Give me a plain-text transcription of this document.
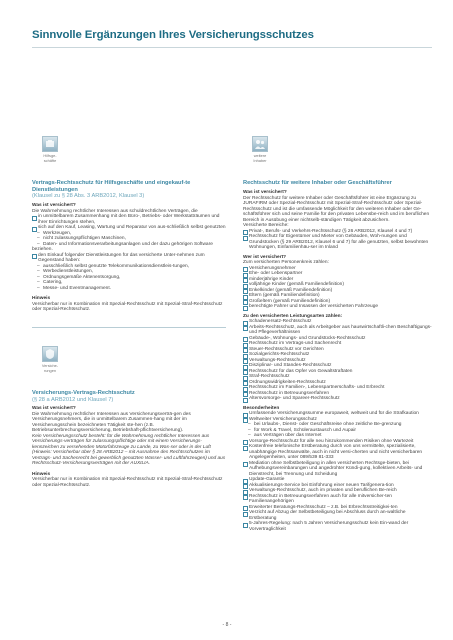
Sinnvolle Ergänzungen Ihres Versicherungsschutzes
Hilfsge-
schäfte
Vertrags-Rechtsschutz für Hilfsgeschäfte und eingekauf-te Dienstleistungen
(Klausel zu § 28 Abs. 3 ARB2012, Klausel 3)
Was ist versichert?

Die Wahrnehmung rechtlicher Interessen aus schuldrechtlichen Verträgen, die

in unmittelbarem Zusammenhang mit den Büro-, Betriebs- oder Werkstatträumen und ihrer Einrichtungen stehen,
sich auf den Kauf, Leasing, Wartung und Reparatur von aus-schließlich selbst genutzten
– Werkzeugen,
– nicht zulassungspflichtigen Maschinen,
– Daten- und Informationsverarbeitungsanlagen und der dazu gehörigen Software

beziehen.

den Einkauf folgender Dienstleistungen für das versicherte Unter-nehmen zum Gegenstand haben:
– ausschließlich selbst genutzte Telekommunikationsdienstleis-tungen,
– Werbedienstleistungen,
– Ordnungsgemäße Aktenentsorgung,
– Catering,
– Messe- und Eventmanagement.
Hinweis

Versicherbar nur in Kombination mit Spezial-Rechtsschutz mit Spezial-Straf-Rechtsschutz oder Spezial-Rechtsschutz.

Versiche-
rungen
Versicherungs-Vertrags-Rechtsschutz
(§ 28 a ARB2012 und Klausel 7)
Was ist versichert?

Die Wahrnehmung rechtlicher Interessen aus Versicherungsverträ-gen des Versicherungsnehmers, die in unmittelbarem Zusammen-hang mit der im Versicherungsschein bezeichneten Tätigkeit ste-hen (z.B. Betriebsunterbrechungsversicherung, Betriebshaft-pflichtversicherung).

Kein Versicherungsschutz besteht: für die Wahrnehmung rechtlicher Interessen aus Versicherungs-verträgen für zulassungspflichtige oder mit einem Versicherungs-kennzeichen zu versehenden Motorfahrzeuge zu Lande, zu Was-ser oder in der Luft (Hinweis: Versicherbar über § 28 ARB2012 – mit Ausnahme des Rechtsschutzes im Vertrags- und Sachenrecht bei gewerblich genutzten Wasser- und Luftfahrzeugen) und aus Rechtsschutz-Versicherungsverträgen mit der AUXILIA.

Hinweis

Versicherbar nur in Kombination mit Spezial-Rechtsschutz mit Spezial-Straf-Rechtsschutz oder Spezial-Rechtsschutz.

weitere
Inhaber
Rechtsschutz für weitere Inhaber oder Geschäftsführer
Was ist versichert?

Der Rechtsschutz für weitere Inhaber oder Geschäftsführer ist eine Ergänzung zu JURAFIRM oder Spezial-Rechtsschutz mit Spezial-Straf-Rechtsschutz oder Spezial-Rechtsschutz und ist die umfassende Möglichkeit für den weiteren Inhaber oder Ge-schäftsführer sich und seine Familie für den privaten Lebensbe-reich und im beruflichen Bereich in Ausübung einer nichtselb-ständigen Tätigkeit abzusichern.

Versicherte Bereiche:

Privat-, Berufs- und Verkehrs-Rechtsschutz (§ 26 ARB2012, Klausel 4 und 7)
Rechtsschutz für Eigentümer und Mieter von Gebäuden, Woh-nungen und Grundstücken (§ 29 ARB2012, Klausel 6 und 7) für alle genutzten, selbst bewohnten Wohnungen, Einfamilienhäu-ser im Inland
Wer ist versichert?

Zum versicherten Personenkreis zählen:

Versicherungsnehmer
Ehe- oder Lebenspartner
minderjährige Kinder
volljährige Kinder (gemäß Familiendefinition)
Enkelkinder (gemäß Familiendefinition)
Eltern (gemäß Familiendefinition)
Großeltern (gemäß Familiendefinition)
berechtigte Fahrer und Insassen der versicherten Fahrzeuge
Zu den versicherten Leistungsarten zählen:
Schadenersatz-Rechtsschutz
Arbeits-Rechtsschutz, auch als Arbeitgeber aus hauswirtschaftli-chen Beschäftigungs- und Pflegeverhältnissen
Gebäude-, Wohnungs- und Grundstücks-Rechtsschutz
Rechtsschutz im Vertrags-und Sachenrecht
Steuer-Rechtsschutz vor Gerichten
Sozialgerichts-Rechtsschutz
Verwaltungs-Rechtsschutz
Disziplinar- und Standes-Rechtsschutz
Rechtsschutz für das Opfer von Gewaltstraftaten
Straf-Rechtsschutz
Ordnungswidrigkeiten-Rechtsschutz
Rechtsschutz im Familien-, Lebenspartnerschafts- und Erbrecht
Rechtsschutz in Betreuungsverfahren
Altersvorsorge- und Spareer-Rechtsschutz
Besonderheiten
Umfassende Versicherungssumme europaweit, weltweit und für die Strafkaution
Weltweiter Versicherungsschutz
– bei Urlaubs-, Dienst- oder Geschäftsreise ohne zeitliche Be-grenzung
– für Work & Travel, Schüleraustausch und Aupair
– aus Verträgen über das Internet
Vorsorge-Rechtsschutz für alle neu hinzukommenden Risiken ohne Wartezeit
Kostenfreie telefonische Erstberatung durch von uns vermittelte, spezialisierte, unabhängige Rechtsanwälte, auch in nicht versi-cherten und nicht versicherbaren Angelegenheiten, unter 089/539 81-333
Mediation ohne Selbstbeteiligung in allen versicherten Rechtsge-bieten, bei Aufhebungsvereinbarungen und angedrohter Kündi-gung, kollektiven Arbeits- und Dienstrecht, bei Trennung und Scheidung
Update-Garantie
Akkualisierungs-Service bei Einführung einer neuen Tarifgenera-tion
Verwaltungs-Rechtsschutz, auch im privaten und beruflichen Be-reich
Rechtsschutz in Betreuungsverfahren auch für alle mitversicher-ten Familienangehörigen
Erweiterter Beratungs-Rechtsschutz – z.B. bei Erbrechtsstreitigkei-ten
Verzicht auf Abzug der Selbstbeteiligung bei Abschluss durch an-waltliche Erstberatung
5-Jahres-Regelung: nach 5 Jahren Versicherungsschutz kein Ein-wand der Vorvertraglichkeit
- 8 -
